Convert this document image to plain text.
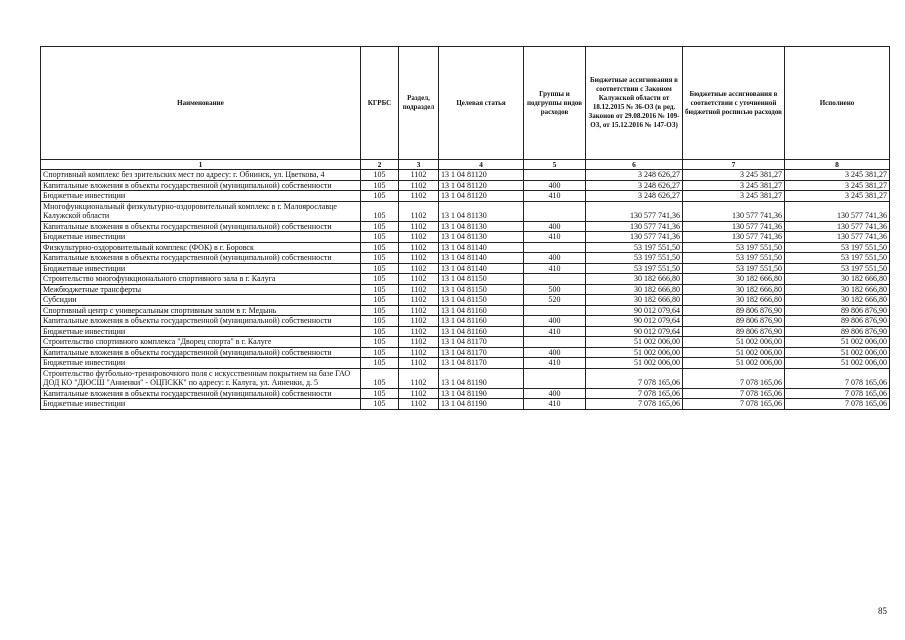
Наименование	КГРБС	Раздел, подраздел	Целевая статья	Группы и подгруппы видов расходов	Бюджетные ассигнования в соответствии с Законом Калужской области от 18.12.2015 № 36-ОЗ (в ред. Законов от 29.08.2016 № 109-ОЗ, от 15.12.2016 № 147-ОЗ)	Бюджетные ассигнования в соответствии с уточненной бюджетной росписью расходов	Исполнено
1	2	3	4	5	6	7	8
Спортивный комплекс без зрительских мест по адресу: г. Обнинск, ул. Цветкова, 4	105	1102	13 1 04 81120		3 248 626,27	3 245 381,27	3 245 381,27
Капитальные вложения в объекты государственной (муниципальной) собственности	105	1102	13 1 04 81120	400	3 248 626,27	3 245 381,27	3 245 381,27
Бюджетные инвестиции	105	1102	13 1 04 81120	410	3 248 626,27	3 245 381,27	3 245 381,27
Многофункциональный физкультурно-оздоровительный комплекс в г. Малоярославце Калужской области	105	1102	13 1 04 81130		130 577 741,36	130 577 741,36	130 577 741,36
Капитальные вложения в объекты государственной (муниципальной) собственности	105	1102	13 1 04 81130	400	130 577 741,36	130 577 741,36	130 577 741,36
Бюджетные инвестиции	105	1102	13 1 04 81130	410	130 577 741,36	130 577 741,36	130 577 741,36
Физкультурно-оздоровительный комплекс (ФОК) в г. Боровск	105	1102	13 1 04 81140		53 197 551,50	53 197 551,50	53 197 551,50
Капитальные вложения в объекты государственной (муниципальной) собственности	105	1102	13 1 04 81140	400	53 197 551,50	53 197 551,50	53 197 551,50
Бюджетные инвестиции	105	1102	13 1 04 81140	410	53 197 551,50	53 197 551,50	53 197 551,50
Строительство многофункционального спортивного зала в г. Калуга	105	1102	13 1 04 81150		30 182 666,80	30 182 666,80	30 182 666,80
Межбюджетные трансферты	105	1102	13 1 04 81150	500	30 182 666,80	30 182 666,80	30 182 666,80
Субсидии	105	1102	13 1 04 81150	520	30 182 666,80	30 182 666,80	30 182 666,80
Спортивный центр с универсальным спортивным залом в г. Медынь	105	1102	13 1 04 81160		90 012 079,64	89 806 876,90	89 806 876,90
Капитальные вложения в объекты государственной (муниципальной) собственности	105	1102	13 1 04 81160	400	90 012 079,64	89 806 876,90	89 806 876,90
Бюджетные инвестиции	105	1102	13 1 04 81160	410	90 012 079,64	89 806 876,90	89 806 876,90
Строительство спортивного комплекса "Дворец спорта" в г. Калуге	105	1102	13 1 04 81170		51 002 006,00	51 002 006,00	51 002 006,00
Капитальные вложения в объекты государственной (муниципальной) собственности	105	1102	13 1 04 81170	400	51 002 006,00	51 002 006,00	51 002 006,00
Бюджетные инвестиции	105	1102	13 1 04 81170	410	51 002 006,00	51 002 006,00	51 002 006,00
Строительство футбольно-тренировочного поля с искусственным покрытием на базе ГАО ДОД КО "ДЮСШ "Анненки" - ОЦПСКК" по адресу: г. Калуга, ул. Анненки, д. 5	105	1102	13 1 04 81190		7 078 165,06	7 078 165,06	7 078 165,06
Капитальные вложения в объекты государственной (муниципальной) собственности	105	1102	13 1 04 81190	400	7 078 165,06	7 078 165,06	7 078 165,06
Бюджетные инвестиции	105	1102	13 1 04 81190	410	7 078 165,06	7 078 165,06	7 078 165,06
85
